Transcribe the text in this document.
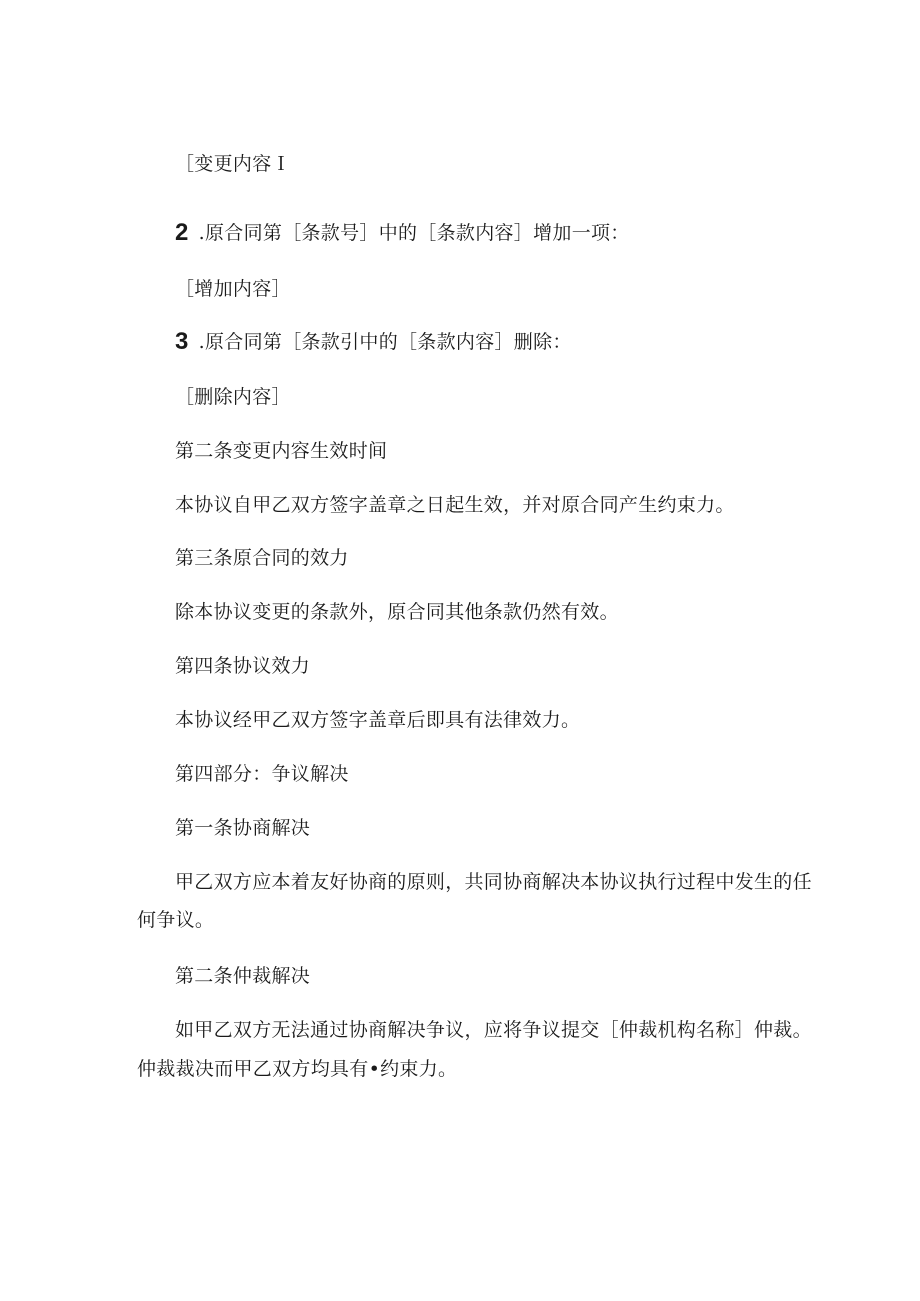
［变更内容Ｉ
2 .原合同第［条款号］中的［条款内容］增加一项：
［增加内容］
3 .原合同第［条款引中的［条款内容］删除：
［删除内容］
第二条变更内容生效时间
本协议自甲乙双方签字盖章之日起生效，并对原合同产生约束力。
第三条原合同的效力
除本协议变更的条款外，原合同其他条款仍然有效。
第四条协议效力
本协议经甲乙双方签字盖章后即具有法律效力。
第四部分：争议解决
第一条协商解决
甲乙双方应本着友好协商的原则，共同协商解决本协议执行过程中发生的任
何争议。
第二条仲裁解决
如甲乙双方无法通过协商解决争议，应将争议提交［仲裁机构名称］仲裁。
仲裁裁决而甲乙双方均具有•约束力。
